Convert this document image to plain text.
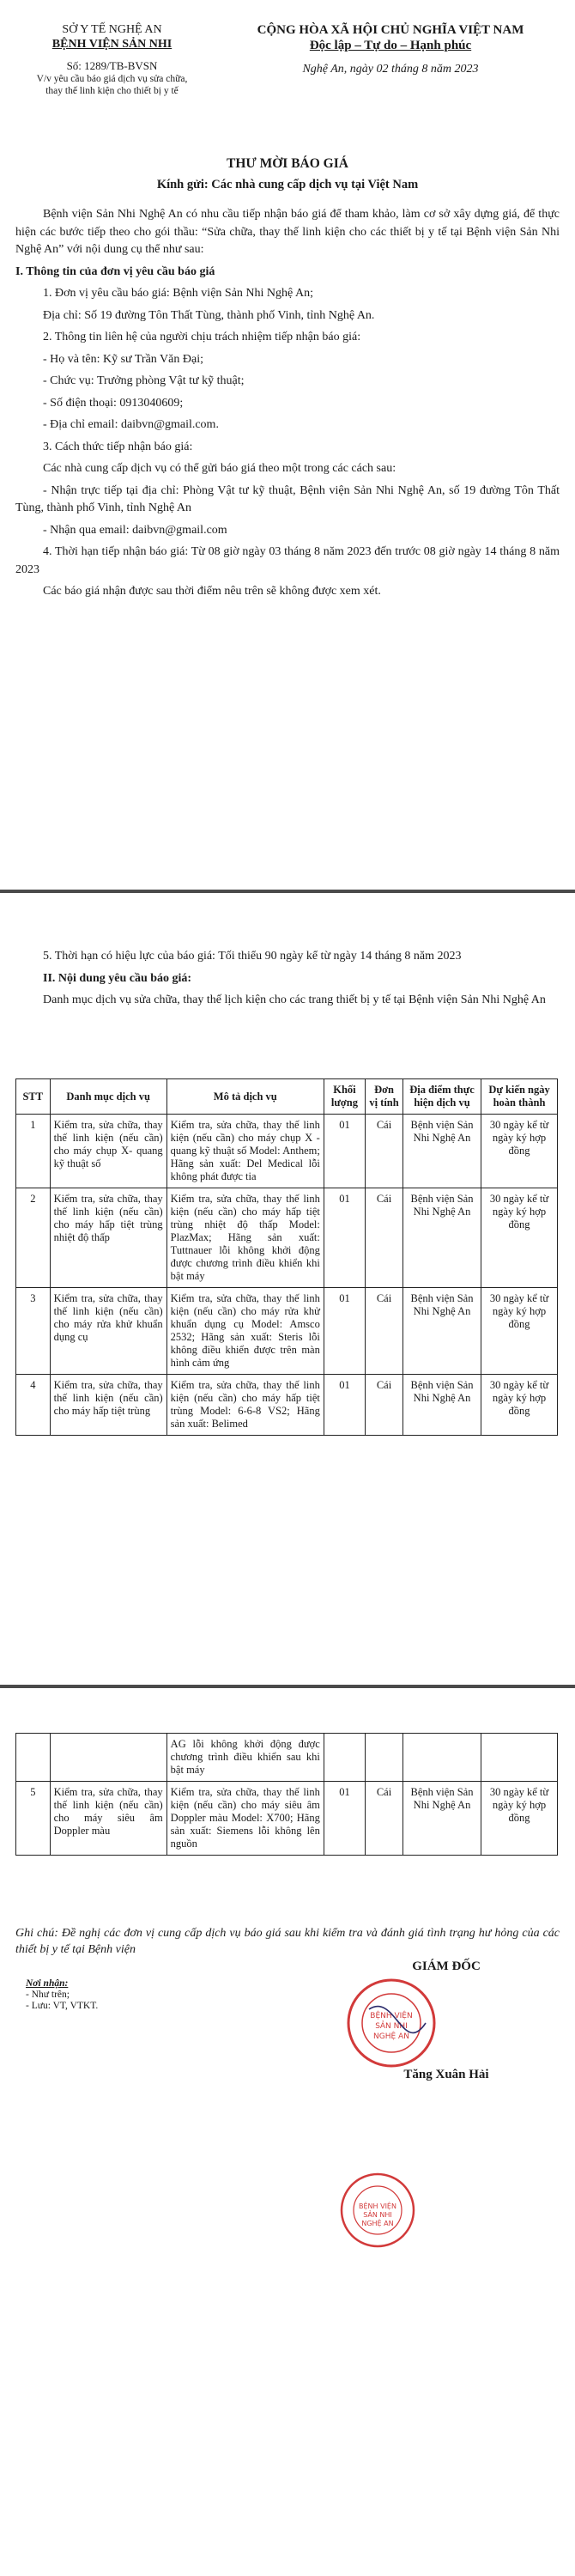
SỞ Y TẾ NGHỆ AN
BỆNH VIỆN SẢN NHI
Số: 1289/TB-BVSN
V/v yêu cầu báo giá dịch vụ sửa chữa,
thay thế linh kiện cho thiết bị y tế
CỘNG HÒA XÃ HỘI CHỦ NGHĨA VIỆT NAM
Độc lập – Tự do – Hạnh phúc
Nghệ An, ngày 02 tháng 8 năm 2023
THƯ MỜI BÁO GIÁ
Kính gửi: Các nhà cung cấp dịch vụ tại Việt Nam

Bệnh viện Sản Nhi Nghệ An có nhu cầu tiếp nhận báo giá để tham khảo, làm cơ sở xây dựng giá, để thực hiện các bước tiếp theo cho gói thầu: “Sửa chữa, thay thế linh kiện cho các thiết bị y tế tại Bệnh viện Sản Nhi Nghệ An” với nội dung cụ thể như sau:

I. Thông tin của đơn vị yêu cầu báo giá

1. Đơn vị yêu cầu báo giá: Bệnh viện Sản Nhi Nghệ An;

Địa chỉ: Số 19 đường Tôn Thất Tùng, thành phố Vinh, tỉnh Nghệ An.

2. Thông tin liên hệ của người chịu trách nhiệm tiếp nhận báo giá:

- Họ và tên: Kỹ sư Trần Văn Đại;

- Chức vụ: Trưởng phòng Vật tư kỹ thuật;

- Số điện thoại: 0913040609;

- Địa chỉ email: daibvn@gmail.com.

3. Cách thức tiếp nhận báo giá:

Các nhà cung cấp dịch vụ có thể gửi báo giá theo một trong các cách sau:

- Nhận trực tiếp tại địa chỉ: Phòng Vật tư kỹ thuật, Bệnh viện Sản Nhi Nghệ An, số 19 đường Tôn Thất Tùng, thành phố Vinh, tỉnh Nghệ An

- Nhận qua email: daibvn@gmail.com

4. Thời hạn tiếp nhận báo giá: Từ 08 giờ ngày 03 tháng 8 năm 2023 đến trước 08 giờ ngày 14 tháng 8 năm 2023

Các báo giá nhận được sau thời điểm nêu trên sẽ không được xem xét.

5. Thời hạn có hiệu lực của báo giá: Tối thiểu 90 ngày kể từ ngày 14 tháng 8 năm 2023

II. Nội dung yêu cầu báo giá:

Danh mục dịch vụ sửa chữa, thay thế lịch kiện cho các trang thiết bị y tế tại Bệnh viện Sản Nhi Nghệ An

STT	Danh mục dịch vụ	Mô tả dịch vụ	Khối lượng	Đơn vị tính	Địa điểm thực hiện dịch vụ	Dự kiến ngày hoàn thành
1	Kiểm tra, sửa chữa, thay thế linh kiện (nếu cần) cho máy chụp X- quang kỹ thuật số	Kiểm tra, sửa chữa, thay thế linh kiện (nếu cần) cho máy chụp X - quang kỹ thuật số Model: Anthem; Hãng sản xuất: Del Medical lỗi không phát được tia	01	Cái	Bệnh viện Sản Nhi Nghệ An	30 ngày kể từ ngày ký hợp đồng
2	Kiểm tra, sửa chữa, thay thế linh kiện (nếu cần) cho máy hấp tiệt trùng nhiệt độ thấp	Kiểm tra, sửa chữa, thay thế linh kiện (nếu cần) cho máy hấp tiệt trùng nhiệt độ thấp Model: PlazMax; Hãng sản xuất: Tuttnauer lỗi không khởi động được chương trình điều khiển khi bật máy	01	Cái	Bệnh viện Sản Nhi Nghệ An	30 ngày kể từ ngày ký hợp đồng
3	Kiểm tra, sửa chữa, thay thế linh kiện (nếu cần) cho máy rửa khử khuẩn dụng cụ	Kiểm tra, sửa chữa, thay thế linh kiện (nếu cần) cho máy rửa khử khuẩn dụng cụ Model: Amsco 2532; Hãng sản xuất: Steris lỗi không điều khiển được trên màn hình cảm ứng	01	Cái	Bệnh viện Sản Nhi Nghệ An	30 ngày kể từ ngày ký hợp đồng
4	Kiểm tra, sửa chữa, thay thế linh kiện (nếu cần) cho máy hấp tiệt trùng	Kiểm tra, sửa chữa, thay thế linh kiện (nếu cần) cho máy hấp tiệt trùng Model: 6-6-8 VS2; Hãng sản xuất: Belimed	01	Cái	Bệnh viện Sản Nhi Nghệ An	30 ngày kể từ ngày ký hợp đồng
		AG lỗi không khởi động được chương trình điều khiển sau khi bật máy				
5	Kiểm tra, sửa chữa, thay thế linh kiện (nếu cần) cho máy siêu âm Doppler màu	Kiểm tra, sửa chữa, thay thế linh kiện (nếu cần) cho máy siêu âm Doppler màu Model: X700; Hãng sản xuất: Siemens lỗi không lên nguồn	01	Cái	Bệnh viện Sản Nhi Nghệ An	30 ngày kể từ ngày ký hợp đồng
Ghi chú: Đề nghị các đơn vị cung cấp dịch vụ báo giá sau khi kiểm tra và đánh giá tình trạng hư hỏng của các thiết bị y tế tại Bệnh viện
Nơi nhận:
- Như trên;
- Lưu: VT, VTKT.
GIÁM ĐỐC
BỆNH VIỆN
SẢN NHI
NGHỆ AN
Tăng Xuân Hải
BỆNH VIỆN
SẢN NHI
NGHỆ AN
